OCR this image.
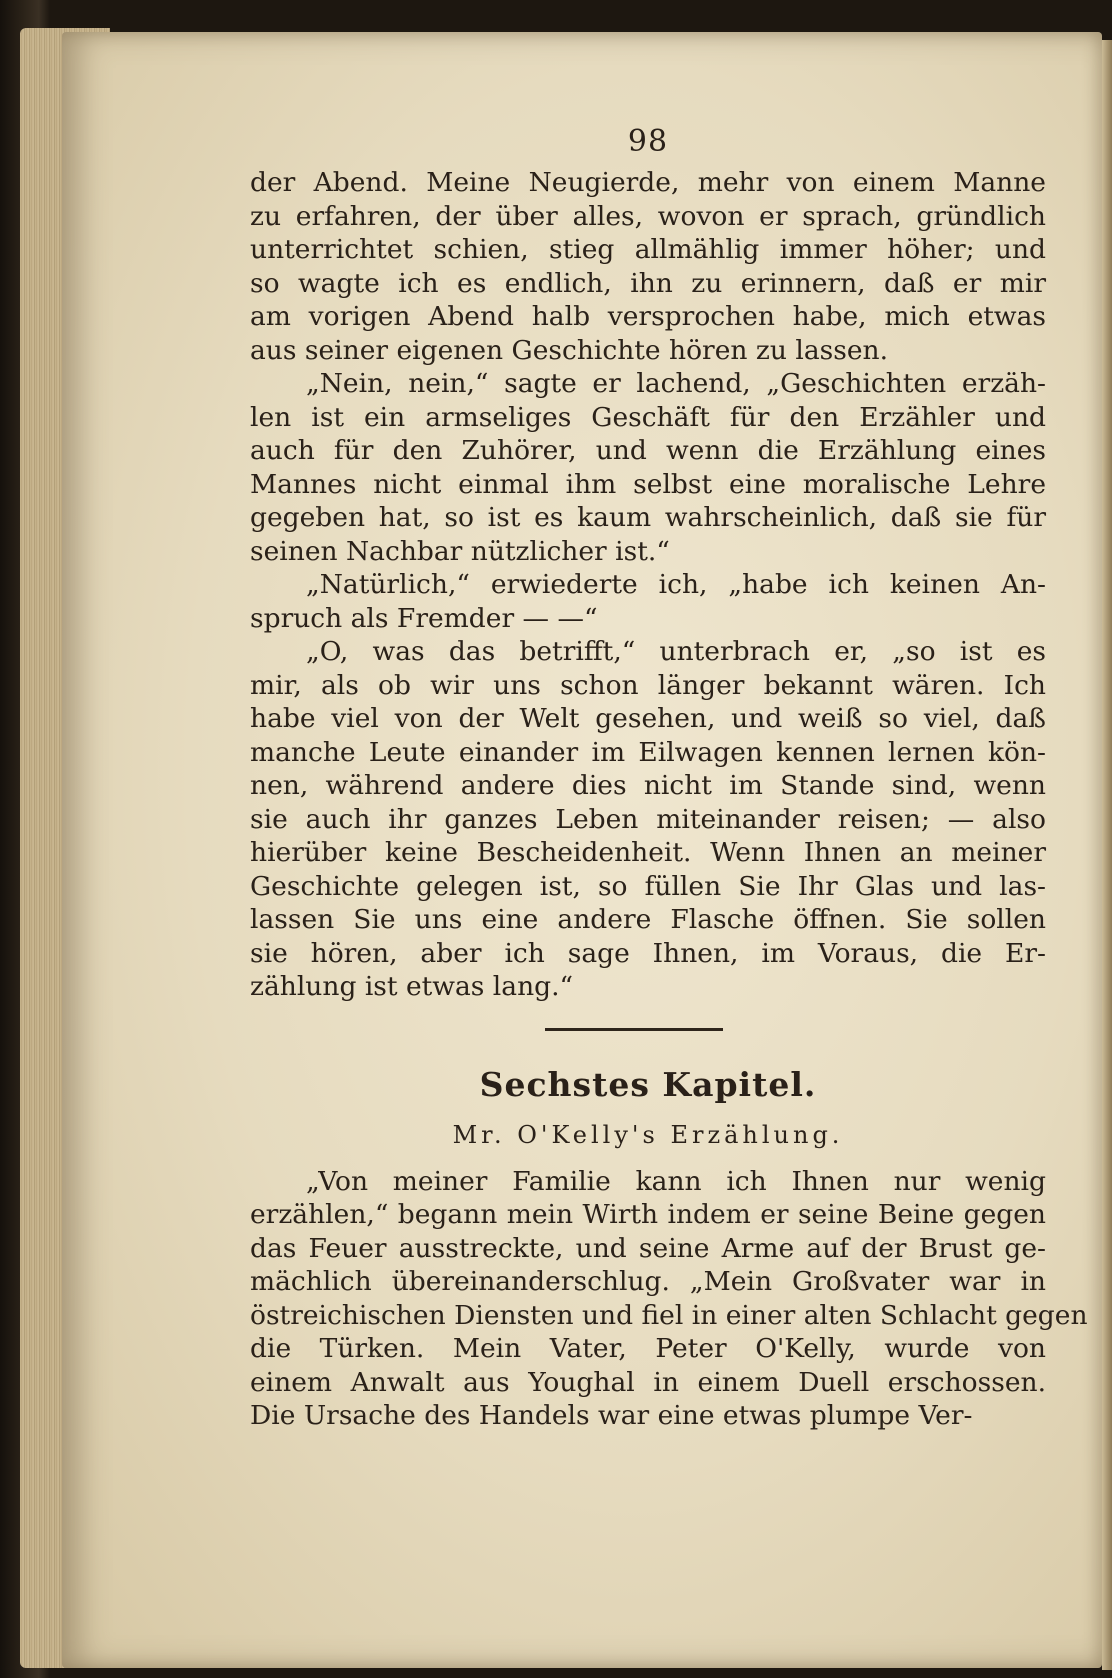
98
der Abend. Meine Neugierde, mehr von einem Manne
zu erfahren, der über alles, wovon er sprach, gründlich
unterrichtet schien, stieg allmählig immer höher; und
so wagte ich es endlich, ihn zu erinnern, daß er mir
am vorigen Abend halb versprochen habe, mich etwas
aus seiner eigenen Geschichte hören zu lassen.
„Nein, nein,“ sagte er lachend, „Geschichten erzäh-
len ist ein armseliges Geschäft für den Erzähler und
auch für den Zuhörer, und wenn die Erzählung eines
Mannes nicht einmal ihm selbst eine moralische Lehre
gegeben hat, so ist es kaum wahrscheinlich, daß sie für
seinen Nachbar nützlicher ist.“
„Natürlich,“ erwiederte ich, „habe ich keinen An-
spruch als Fremder — —“
„O, was das betrifft,“ unterbrach er, „so ist es
mir, als ob wir uns schon länger bekannt wären. Ich
habe viel von der Welt gesehen, und weiß so viel, daß
manche Leute einander im Eilwagen kennen lernen kön-
nen, während andere dies nicht im Stande sind, wenn
sie auch ihr ganzes Leben miteinander reisen; — also
hierüber keine Bescheidenheit. Wenn Ihnen an meiner
Geschichte gelegen ist, so füllen Sie Ihr Glas und las-
lassen Sie uns eine andere Flasche öffnen. Sie sollen
sie hören, aber ich sage Ihnen, im Voraus, die Er-
zählung ist etwas lang.“
Sechstes Kapitel.
Mr. O'Kelly's Erzählung.
„Von meiner Familie kann ich Ihnen nur wenig
erzählen,“ begann mein Wirth indem er seine Beine gegen
das Feuer ausstreckte, und seine Arme auf der Brust ge-
mächlich übereinanderschlug. „Mein Großvater war in
östreichischen Diensten und fiel in einer alten Schlacht gegen
die Türken. Mein Vater, Peter O'Kelly, wurde von
einem Anwalt aus Youghal in einem Duell erschossen.
Die Ursache des Handels war eine etwas plumpe Ver-
